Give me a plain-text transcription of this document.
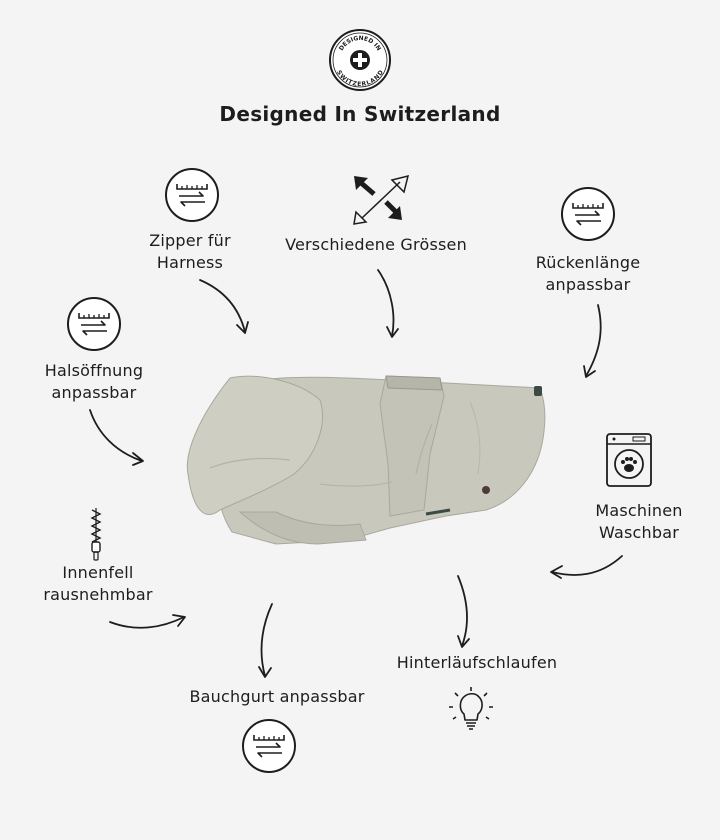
DESIGNED IN
SWITZERLAND
Designed In Switzerland
Zipper für
Harness
Verschiedene Grössen
Rückenlänge
anpassbar
Halsöffnung
anpassbar
Maschinen
Waschbar
Innenfell
rausnehmbar
Hinterläufschlaufen
Bauchgurt anpassbar
